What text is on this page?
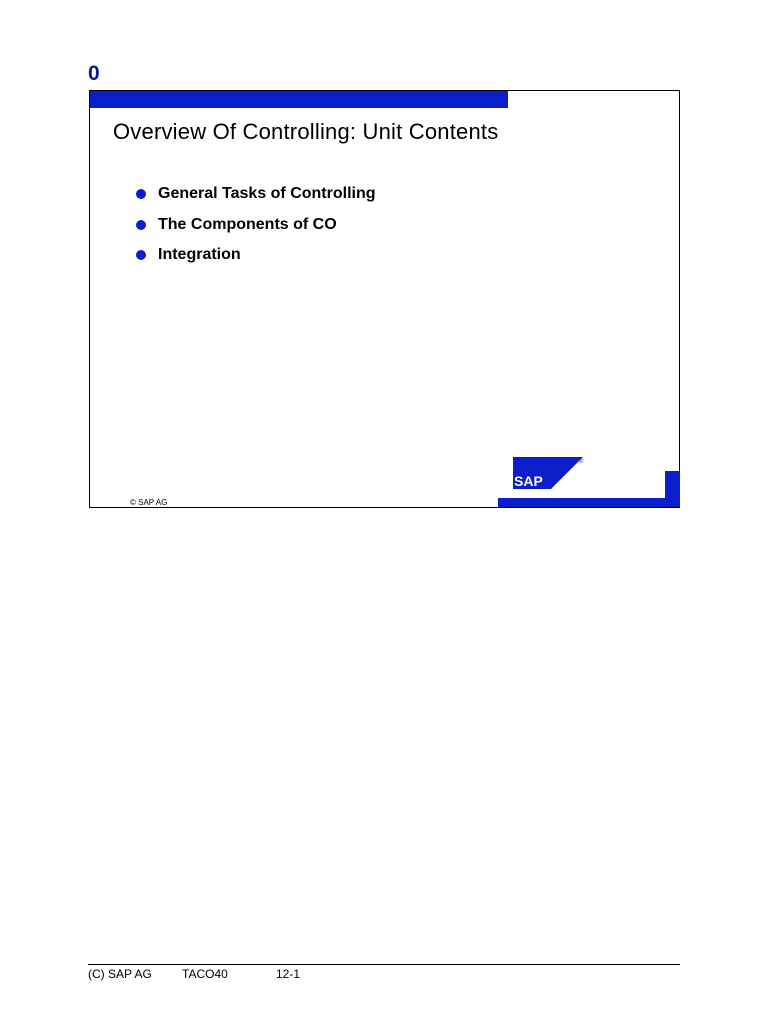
0
Overview Of Controlling: Unit Contents
General Tasks of Controlling
The Components of CO
Integration
SAP
®
© SAP AG
(C) SAP AG	TACO40	12-1
